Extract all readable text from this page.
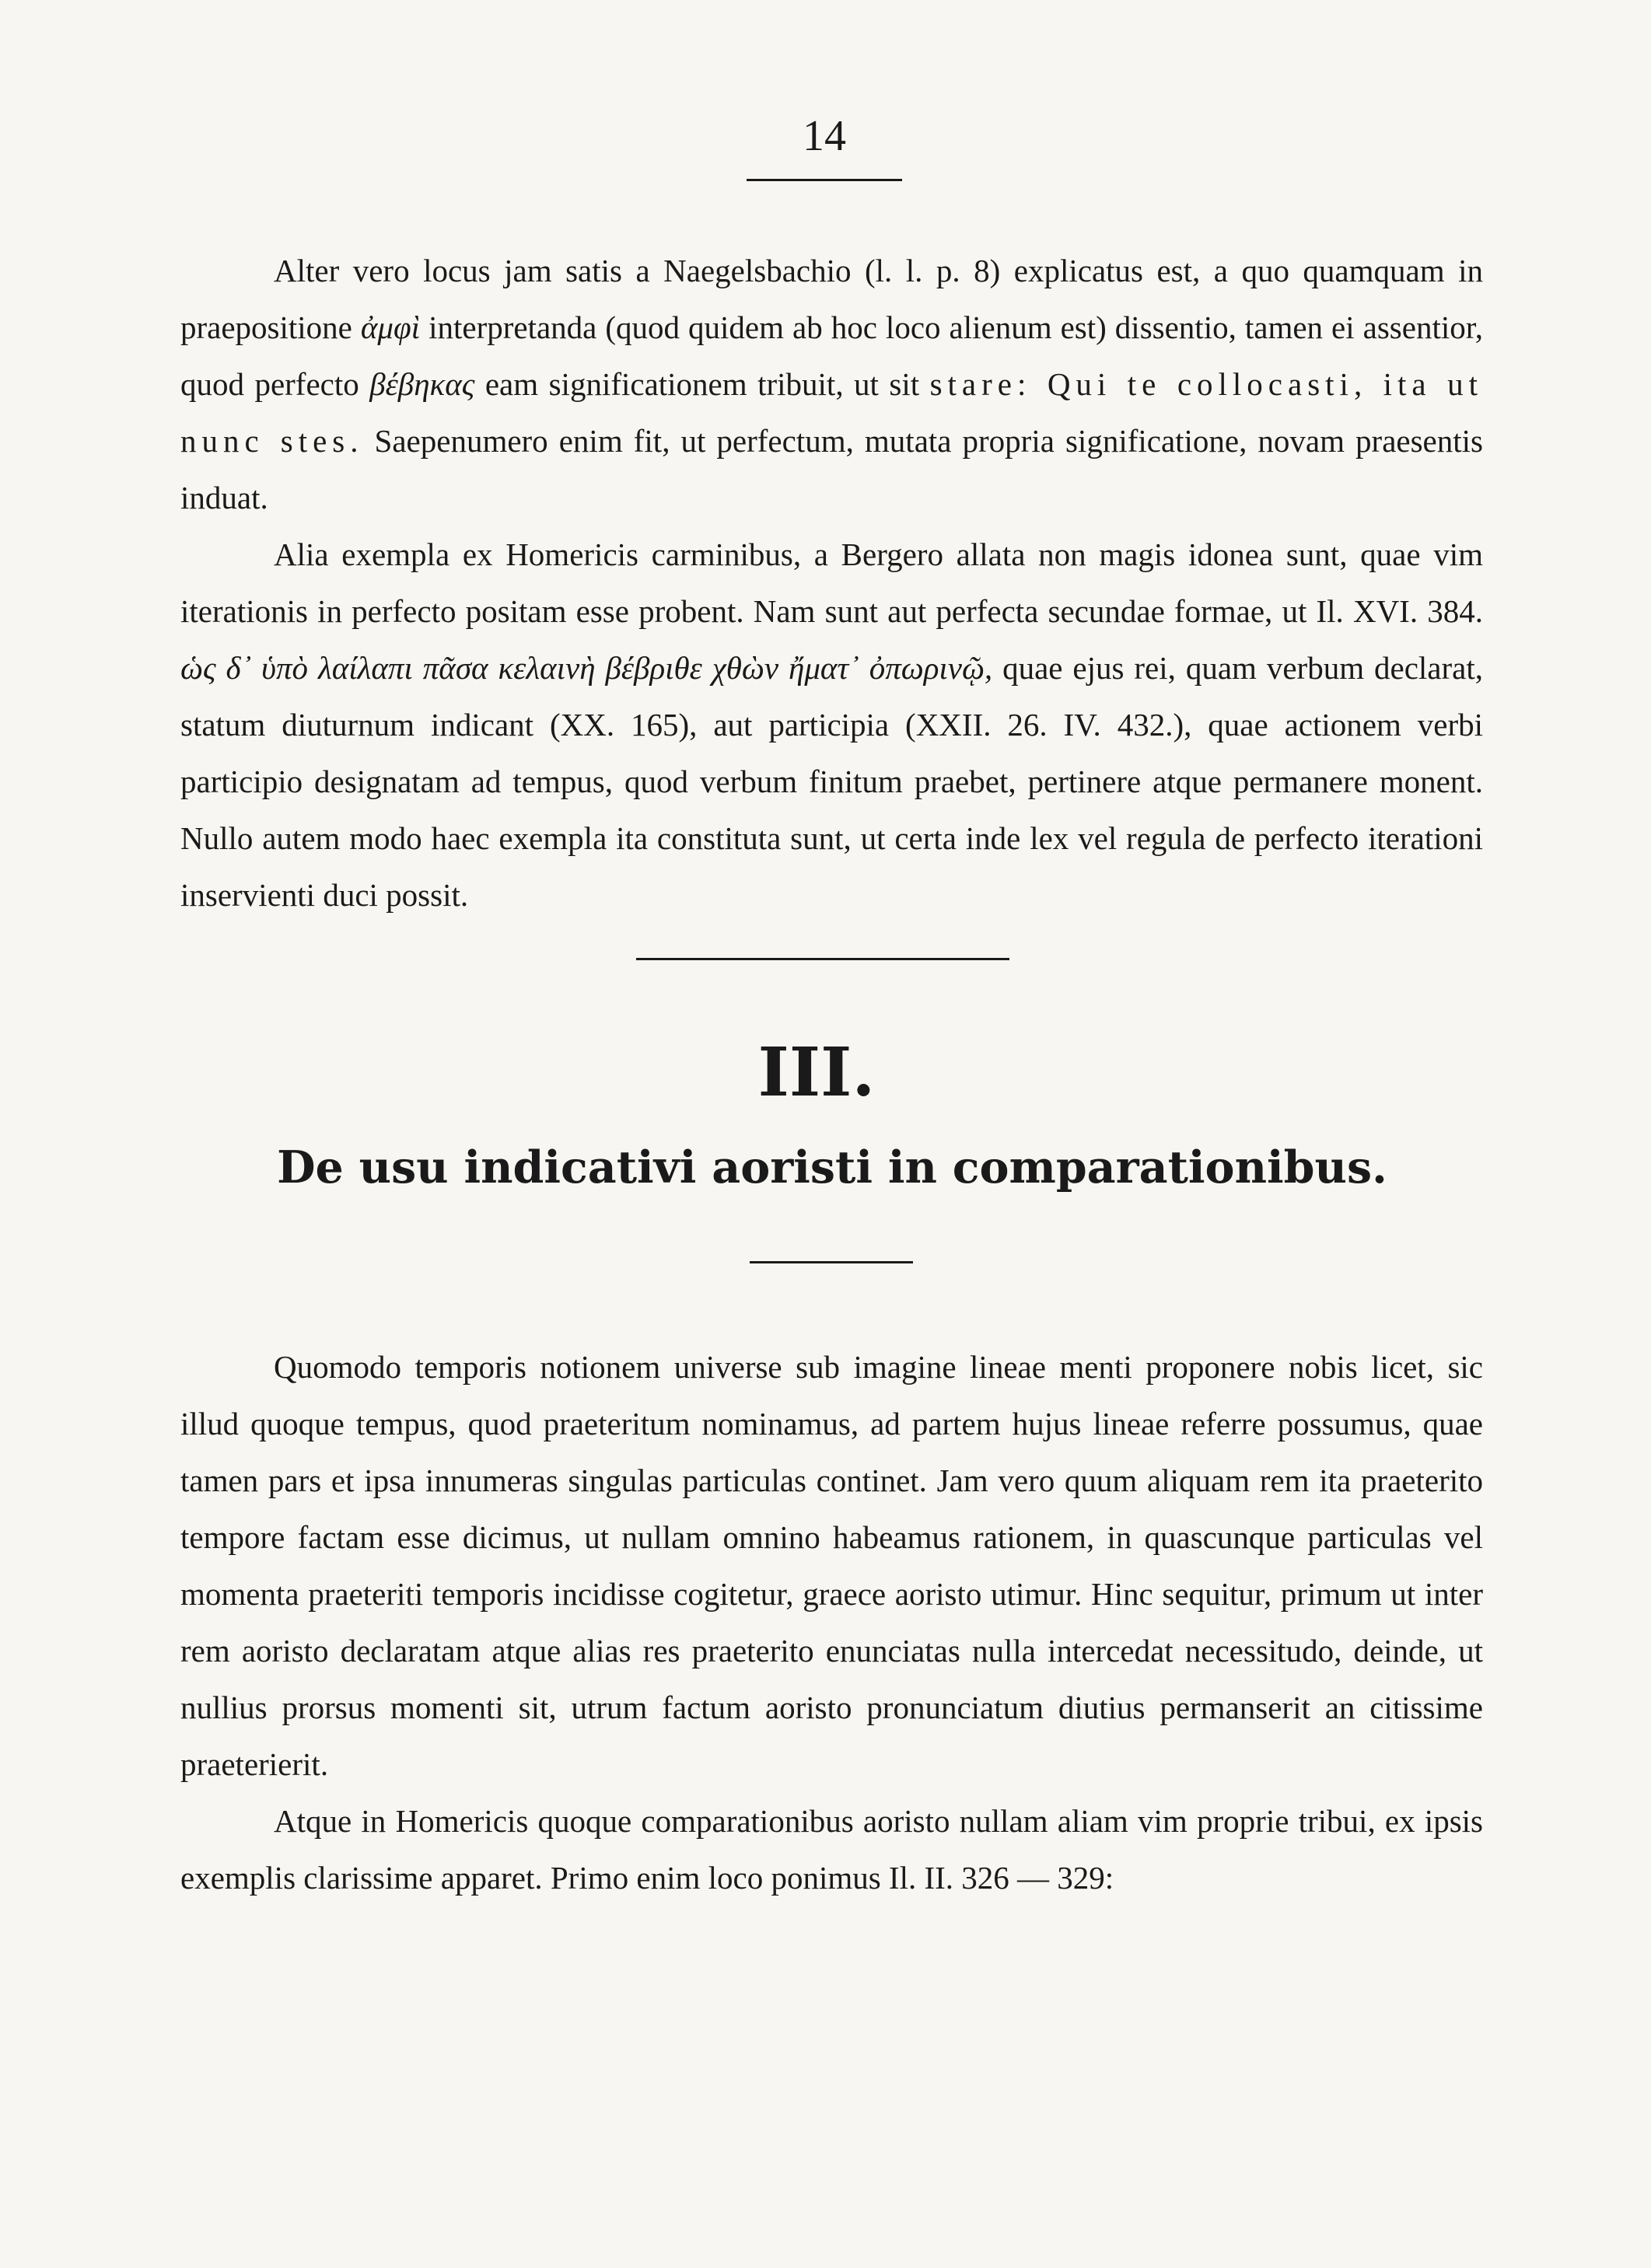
14

Alter vero locus jam satis a Naegelsbachio (l. l. p. 8) explicatus est, a quo quamquam in praepositione ἀμφὶ interpretanda (quod quidem ab hoc loco alienum est) dissentio, tamen ei assentior, quod perfecto βέβηκας eam significationem tribuit, ut sit stare: Qui te collocasti, ita ut nunc stes. Saepenumero enim fit, ut perfectum, mutata propria significatione, novam praesentis induat.

Alia exempla ex Homericis carminibus, a Bergero allata non magis idonea sunt, quae vim iterationis in perfecto positam esse probent. Nam sunt aut perfecta secundae formae, ut Il. XVI. 384. ὡς δ᾽ ὑπὸ λαίλαπι πᾶσα κελαινὴ βέβριθε χθὼν ἤματ᾽ ὀπωρινῷ, quae ejus rei, quam verbum declarat, statum diuturnum indicant (XX. 165), aut participia (XXII. 26. IV. 432.), quae actionem verbi participio designatam ad tempus, quod verbum finitum praebet, pertinere atque permanere monent. Nullo autem modo haec exempla ita constituta sunt, ut certa inde lex vel regula de perfecto iterationi inservienti duci possit.

III.
De usu indicativi aoristi in comparationibus.

Quomodo temporis notionem universe sub imagine lineae menti proponere nobis licet, sic illud quoque tempus, quod praeteritum nominamus, ad partem hujus lineae referre possumus, quae tamen pars et ipsa innumeras singulas particulas continet. Jam vero quum aliquam rem ita praeterito tempore factam esse dicimus, ut nullam omnino habeamus rationem, in quascunque particulas vel momenta praeteriti temporis incidisse cogitetur, graece aoristo utimur. Hinc sequitur, primum ut inter rem aoristo declaratam atque alias res praeterito enunciatas nulla intercedat necessitudo, deinde, ut nullius prorsus momenti sit, utrum factum aoristo pronunciatum diutius permanserit an citissime praeterierit.

Atque in Homericis quoque comparationibus aoristo nullam aliam vim proprie tribui, ex ipsis exemplis clarissime apparet. Primo enim loco ponimus Il. II. 326 — 329:
